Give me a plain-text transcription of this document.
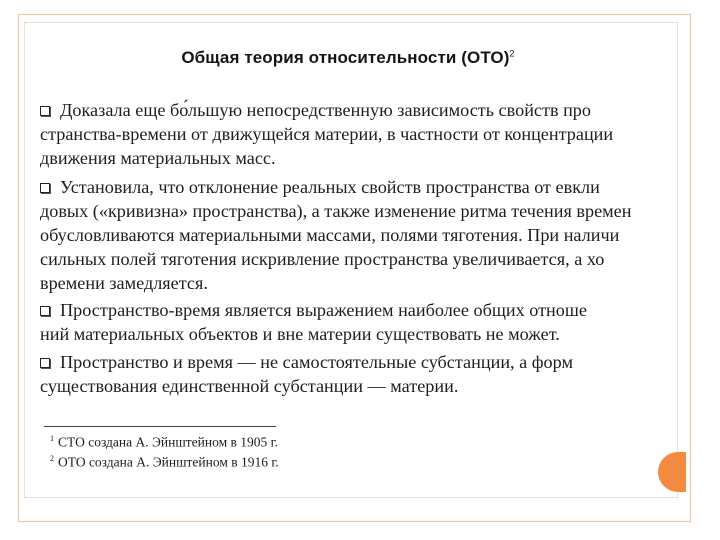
Общая теория относительности (ОТО)$^2$
Доказала еще бо́льшую непосредственную зависимость свойств про
странства-времени от движущейся материи, в частности от концентрации
движения материальных масс.
Установила, что отклонение реальных свойств пространства от евкли
довых («кривизна» пространства), а также изменение ритма течения времен
обусловливаются материальными массами, полями тяготения. При наличи
сильных полей тяготения искривление пространства увеличивается, а хо
времени замедляется.
Пространство-время является выражением наиболее общих отноше
ний материальных объектов и вне материи существовать не может.
Пространство и время — не самостоятельные субстанции, а форм
существования единственной субстанции — материи.
$^1$ СТО создана А. Эйнштейном в 1905 г.
$^2$ ОТО создана А. Эйнштейном в 1916 г.
